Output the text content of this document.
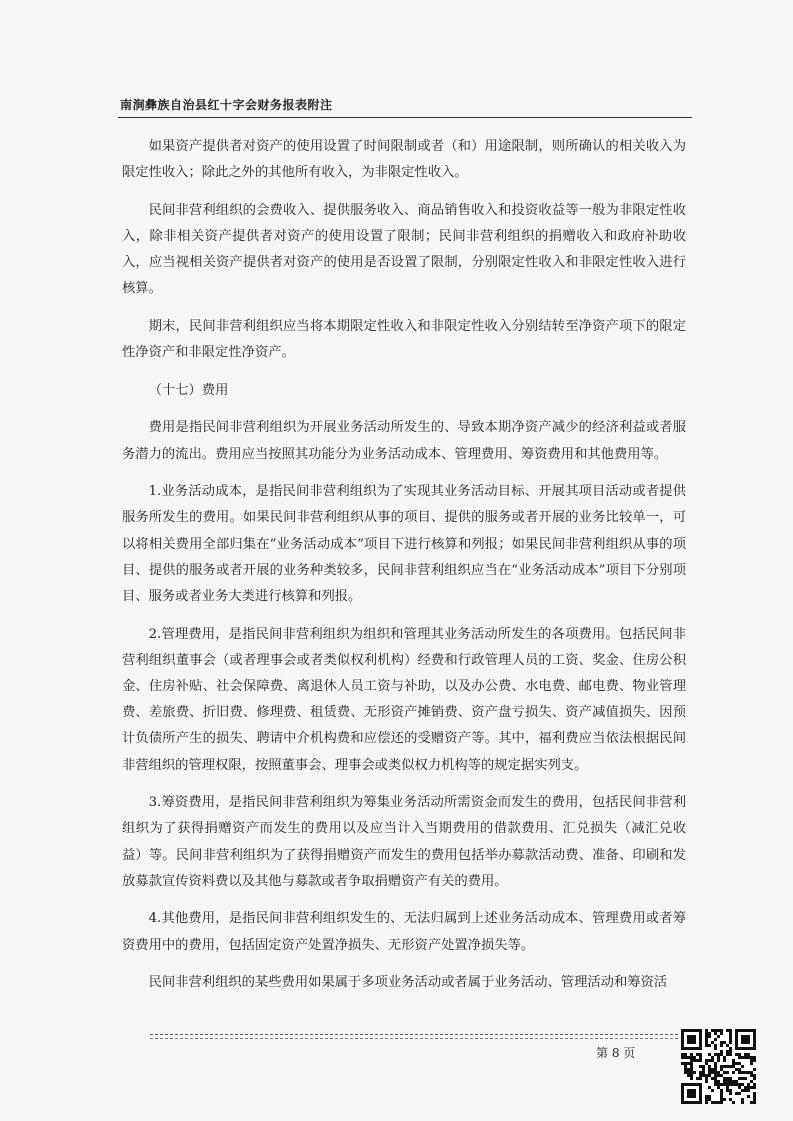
南涧彝族自治县红十字会财务报表附注

如果资产提供者对资产的使用设置了时间限制或者（和）用途限制，则所确认的相关收入为限定性收入；除此之外的其他所有收入，为非限定性收入。

民间非营利组织的会费收入、提供服务收入、商品销售收入和投资收益等一般为非限定性收入，除非相关资产提供者对资产的使用设置了限制；民间非营利组织的捐赠收入和政府补助收入，应当视相关资产提供者对资产的使用是否设置了限制，分别限定性收入和非限定性收入进行核算。

期末，民间非营利组织应当将本期限定性收入和非限定性收入分别结转至净资产项下的限定性净资产和非限定性净资产。

（十七）费用

费用是指民间非营利组织为开展业务活动所发生的、导致本期净资产减少的经济利益或者服务潜力的流出。费用应当按照其功能分为业务活动成本、管理费用、筹资费用和其他费用等。

1.业务活动成本，是指民间非营利组织为了实现其业务活动目标、开展其项目活动或者提供服务所发生的费用。如果民间非营利组织从事的项目、提供的服务或者开展的业务比较单一，可以将相关费用全部归集在“业务活动成本”项目下进行核算和列报；如果民间非营利组织从事的项目、提供的服务或者开展的业务种类较多，民间非营利组织应当在“业务活动成本”项目下分别项目、服务或者业务大类进行核算和列报。

2.管理费用，是指民间非营利组织为组织和管理其业务活动所发生的各项费用。包括民间非营利组织董事会（或者理事会或者类似权利机构）经费和行政管理人员的工资、奖金、住房公积金、住房补贴、社会保障费、离退休人员工资与补助，以及办公费、水电费、邮电费、物业管理费、差旅费、折旧费、修理费、租赁费、无形资产摊销费、资产盘亏损失、资产减值损失、因预计负债所产生的损失、聘请中介机构费和应偿还的受赠资产等。其中，福利费应当依法根据民间非营组织的管理权限，按照董事会、理事会或类似权力机构等的规定据实列支。

3.筹资费用，是指民间非营利组织为筹集业务活动所需资金而发生的费用，包括民间非营利组织为了获得捐赠资产而发生的费用以及应当计入当期费用的借款费用、汇兑损失（减汇兑收益）等。民间非营利组织为了获得捐赠资产而发生的费用包括举办募款活动费、准备、印刷和发放募款宣传资料费以及其他与募款或者争取捐赠资产有关的费用。

4.其他费用，是指民间非营利组织发生的、无法归属到上述业务活动成本、管理费用或者筹资费用中的费用，包括固定资产处置净损失、无形资产处置净损失等。

民间非营利组织的某些费用如果属于多项业务活动或者属于业务活动、管理活动和筹资活

第 8 页
